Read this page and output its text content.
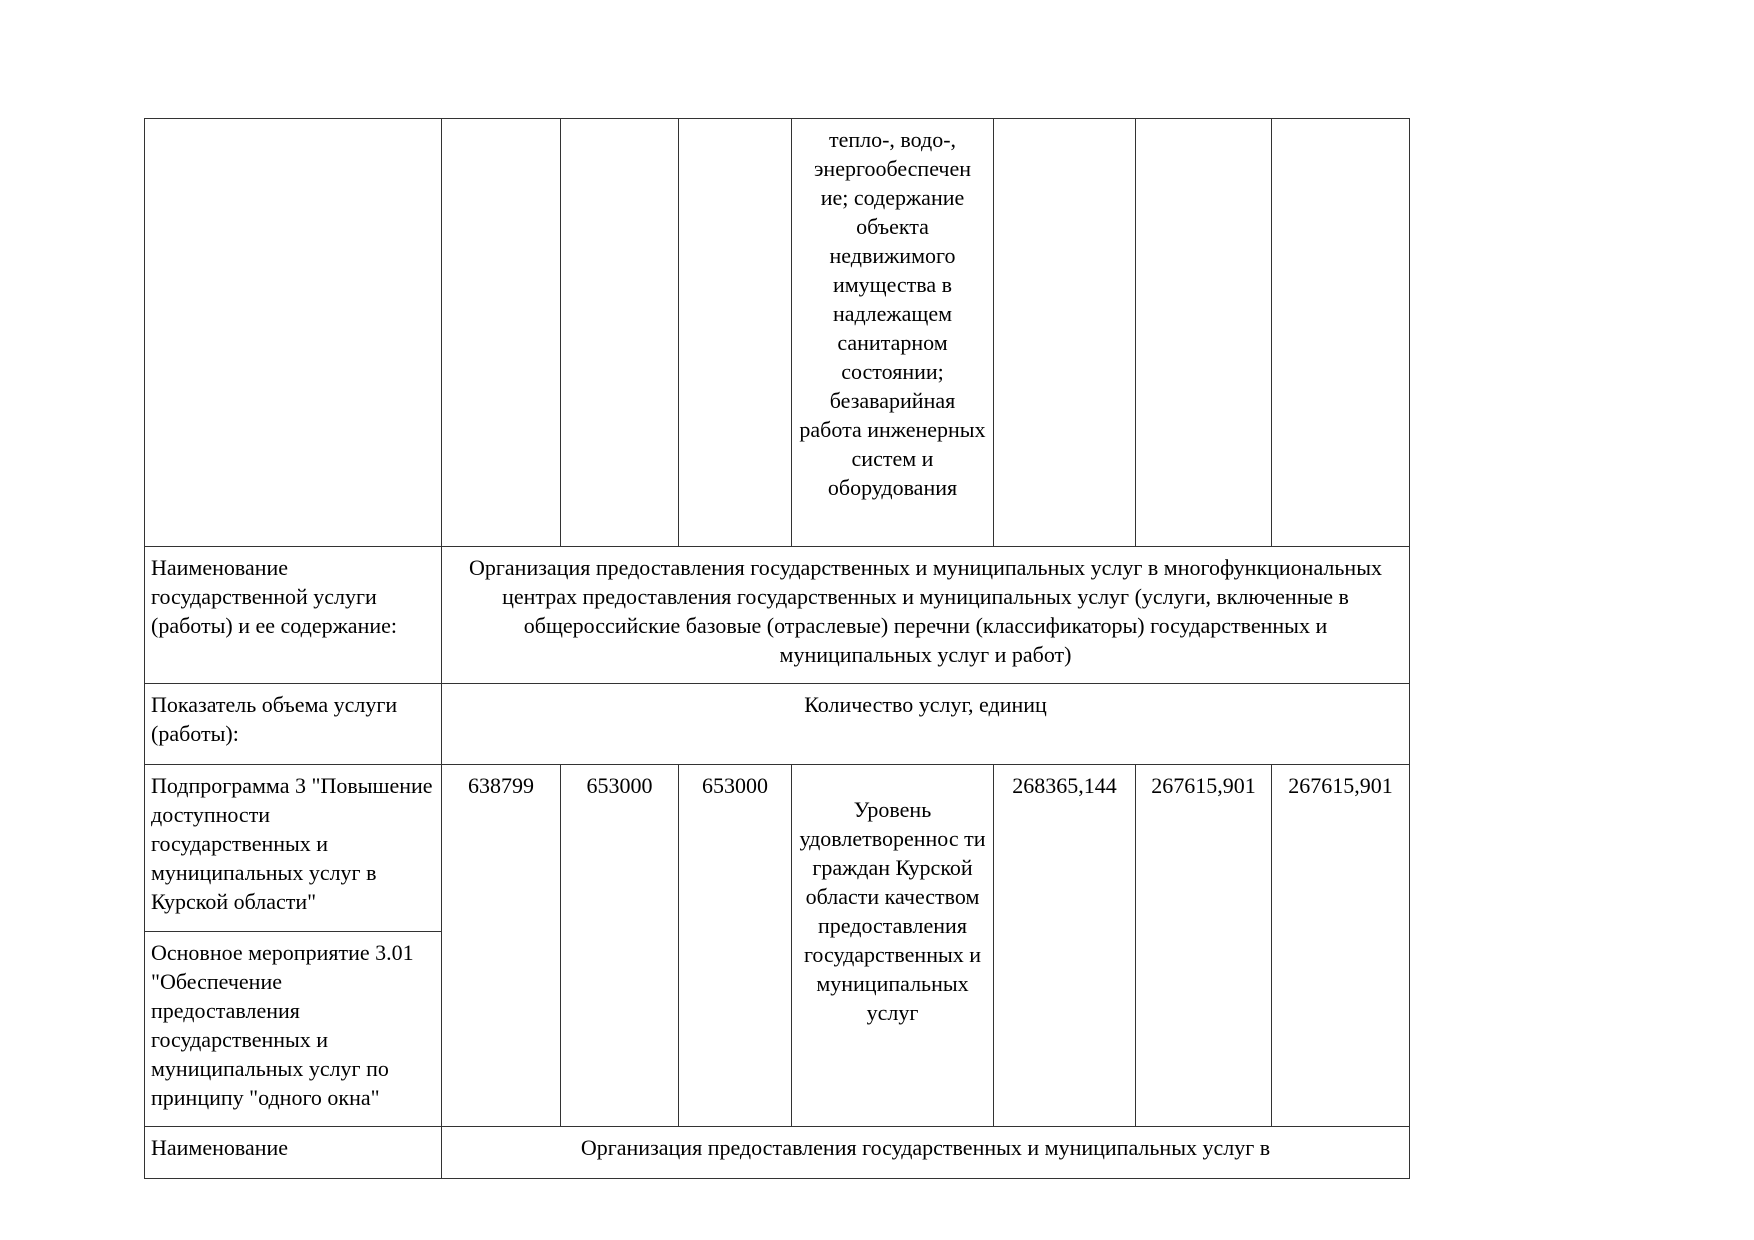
				тепло-, водо-, энергообеспечен ие; содержание объекта недвижимого имущества в надлежащем санитарном состоянии; безаварийная работа инженерных систем и оборудования			
Наименование государственной услуги (работы) и ее содержание:	Организация предоставления государственных и муниципальных услуг в многофункциональных центрах предоставления государственных и муниципальных услуг (услуги, включенные в общероссийские базовые (отраслевые) перечни (классификаторы) государственных и муниципальных услуг и работ)						
Показатель объема услуги (работы):	Количество услуг, единиц						
Подпрограмма 3 "Повышение доступности государственных и муниципальных услуг в Курской области"	638799	653000	653000	Уровень удовлетвореннос ти граждан Курской области качеством предоставления государственных и муниципальных услуг	268365,144	267615,901	267615,901
Основное мероприятие 3.01 "Обеспечение предоставления государственных и муниципальных услуг по принципу "одного окна"							
Наименование	Организация предоставления государственных и муниципальных услуг в						
